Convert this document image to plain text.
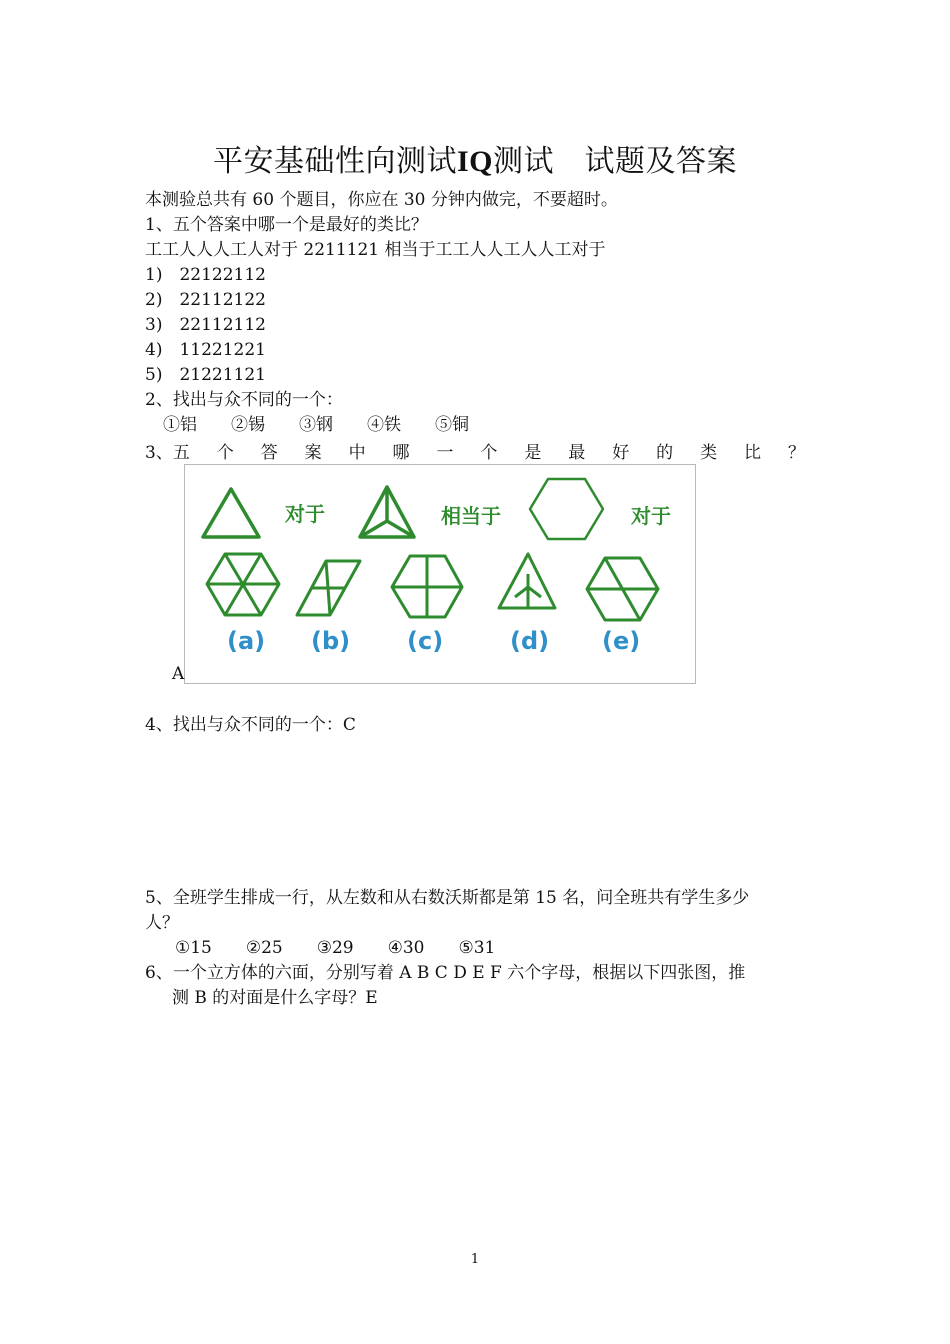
平安基础性向测试IQ测试　试题及答案
本测验总共有 60 个题目，你应在 30 分钟内做完，不要超时。
1、五个答案中哪一个是最好的类比？
工工人人人工人对于 2211121 相当于工工人人工人人工对于
1)　22122112
2)　22112122
3)　22112112
4)　11221221
5)　21221121
2、找出与众不同的一个：
①铝　　②锡　　③钢　　④铁　　⑤铜
3、五 个 答 案 中 哪 一 个 是 最 好 的 类 比 ？
对于	相当于	对于
(a) (b) (c)	(d) (e)
A
4、找出与众不同的一个：C
5、全班学生排成一行，从左数和从右数沃斯都是第 15 名，问全班共有学生多少
人？
①15　　②25　　③29　　④30　　⑤31
6、一个立方体的六面，分别写着 A B C D E F 六个字母，根据以下四张图，推
测 B 的对面是什么字母？E
1
